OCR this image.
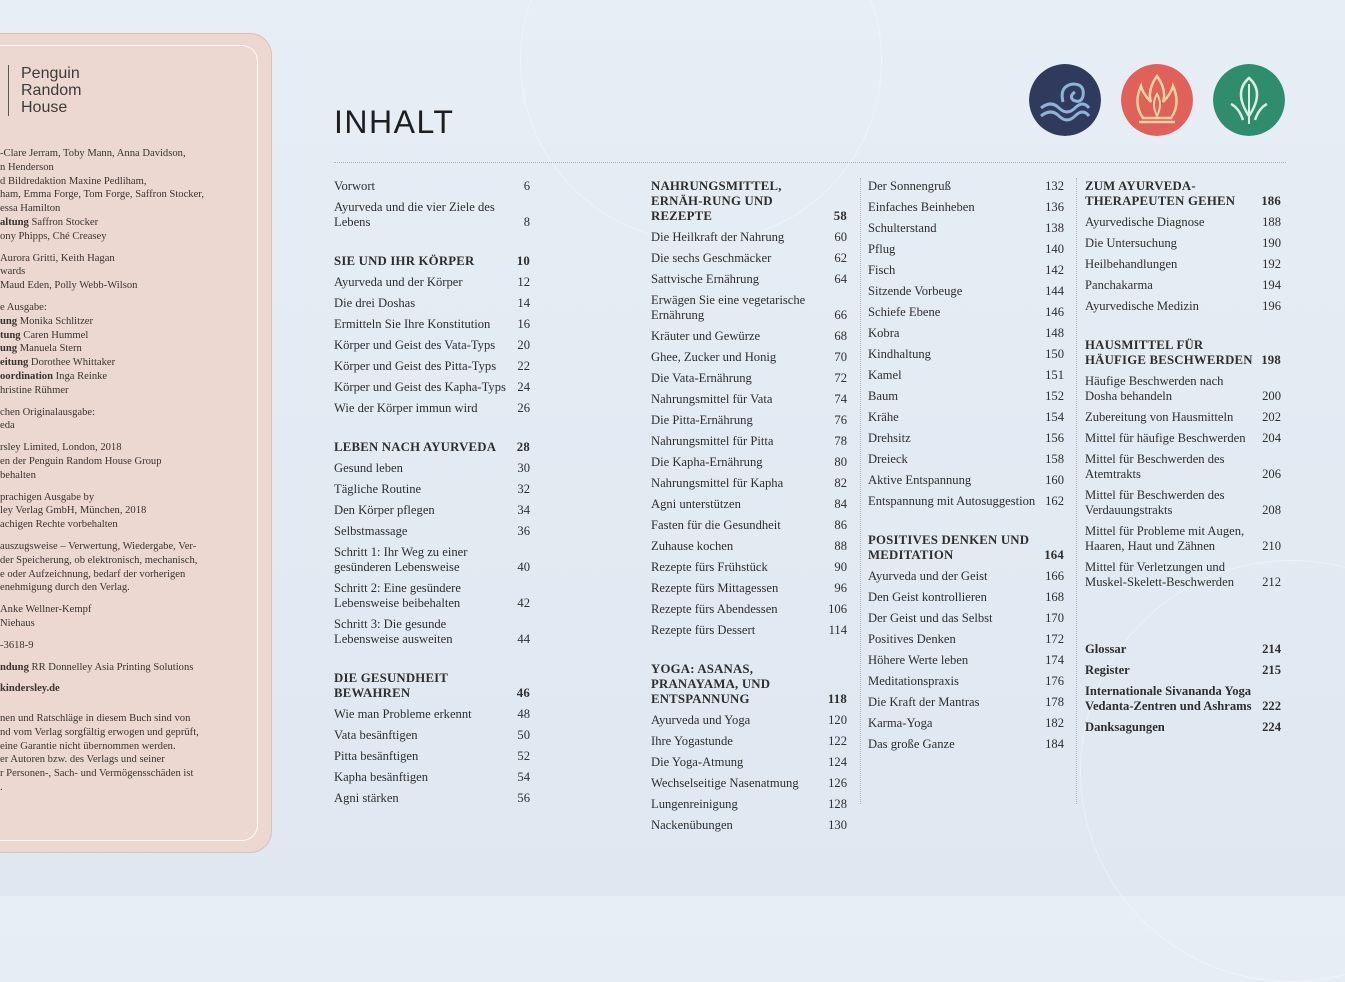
Penguin
Random
House
-Clare Jerram, Toby Mann, Anna Davidson,
n Henderson
d Bildredaktion Maxine Pedliham,
ham, Emma Forge, Tom Forge, Saffron Stocker,
essa Hamilton
altung Saffron Stocker
ony Phipps, Ché Creasey
Aurora Gritti, Keith Hagan
wards
Maud Eden, Polly Webb-Wilson
e Ausgabe:
ung Monika Schlitzer
tung Caren Hummel
ung Manuela Stern
eitung Dorothee Whittaker
oordination Inga Reinke
hristine Rühmer
chen Originalausgabe:
eda
rsley Limited, London, 2018
en der Penguin Random House Group
behalten
prachigen Ausgabe by
ley Verlag GmbH, München, 2018
achigen Rechte vorbehalten
auszugsweise – Verwertung, Wiedergabe, Ver-
der Speicherung, ob elektronisch, mechanisch,
e oder Aufzeichnung, bedarf der vorherigen
enehmigung durch den Verlag.
Anke Wellner-Kempf
Niehaus
-3618-9
ndung RR Donnelley Asia Printing Solutions
kindersley.de
nen und Ratschläge in diesem Buch sind von
nd vom Verlag sorgfältig erwogen und geprüft,
eine Garantie nicht übernommen werden.
er Autoren bzw. des Verlags und seiner
r Personen-, Sach- und Vermögensschäden ist
.
INHALT
Vorwort	6
Ayurveda und die vier Ziele des Lebens	8
SIE UND IHR KÖRPER	10
Ayurveda und der Körper	12
Die drei Doshas	14
Ermitteln Sie Ihre Konstitution	16
Körper und Geist des Vata-Typs	20
Körper und Geist des Pitta-Typs	22
Körper und Geist des Kapha-Typs 24
Wie der Körper immun wird	26
LEBEN NACH AYURVEDA	28
Gesund leben	30
Tägliche Routine	32
Den Körper pflegen	34
Selbstmassage	36
Schritt 1: Ihr Weg zu einer gesünderen Lebensweise	40
Schritt 2: Eine gesündere Lebensweise beibehalten	42
Schritt 3: Die gesunde Lebensweise ausweiten	44
DIE GESUNDHEIT BEWAHREN	46
Wie man Probleme erkennt	48
Vata besänftigen	50
Pitta besänftigen	52
Kapha besänftigen	54
Agni stärken	56
NAHRUNGSMITTEL, ERNÄH-RUNG UND REZEPTE	58
Die Heilkraft der Nahrung	60
Die sechs Geschmäcker	62
Sattvische Ernährung	64
Erwägen Sie eine vegetarische Ernährung	66
Kräuter und Gewürze	68
Ghee, Zucker und Honig	70
Die Vata-Ernährung	72
Nahrungsmittel für Vata	74
Die Pitta-Ernährung	76
Nahrungsmittel für Pitta	78
Die Kapha-Ernährung	80
Nahrungsmittel für Kapha	82
Agni unterstützen	84
Fasten für die Gesundheit	86
Zuhause kochen	88
Rezepte fürs Frühstück	90
Rezepte fürs Mittagessen	96
Rezepte fürs Abendessen	106
Rezepte fürs Dessert	114
YOGA: ASANAS, PRANAYAMA, UND ENTSPANNUNG	118
Ayurveda und Yoga	120
Ihre Yogastunde	122
Die Yoga-Atmung	124
Wechselseitige Nasenatmung	126
Lungenreinigung	128
Nackenübungen	130
Der Sonnengruß	132
Einfaches Beinheben	136
Schulterstand	138
Pflug	140
Fisch	142
Sitzende Vorbeuge	144
Schiefe Ebene	146
Kobra	148
Kindhaltung	150
Kamel	151
Baum	152
Krähe	154
Drehsitz	156
Dreieck	158
Aktive Entspannung	160
Entspannung mit Autosuggestion 162
POSITIVES DENKEN UND MEDITATION	164
Ayurveda und der Geist	166
Den Geist kontrollieren	168
Der Geist und das Selbst	170
Positives Denken	172
Höhere Werte leben	174
Meditationspraxis	176
Die Kraft der Mantras	178
Karma-Yoga	182
Das große Ganze	184
ZUM AYURVEDA-THERAPEUTEN GEHEN	186
Ayurvedische Diagnose	188
Die Untersuchung	190
Heilbehandlungen	192
Panchakarma	194
Ayurvedische Medizin	196
HAUSMITTEL FÜR HÄUFIGE BESCHWERDEN 198
Häufige Beschwerden nach Dosha behandeln	200
Zubereitung von Hausmitteln	202
Mittel für häufige Beschwerden	204
Mittel für Beschwerden des Atemtrakts	206
Mittel für Beschwerden des Verdauungstrakts	208
Mittel für Probleme mit Augen, Haaren, Haut und Zähnen	210
Mittel für Verletzungen und Muskel-Skelett-Beschwerden	212
Glossar	214
Register	215
Internationale Sivananda Yoga Vedanta-Zentren und Ashrams 222
Danksagungen	224
